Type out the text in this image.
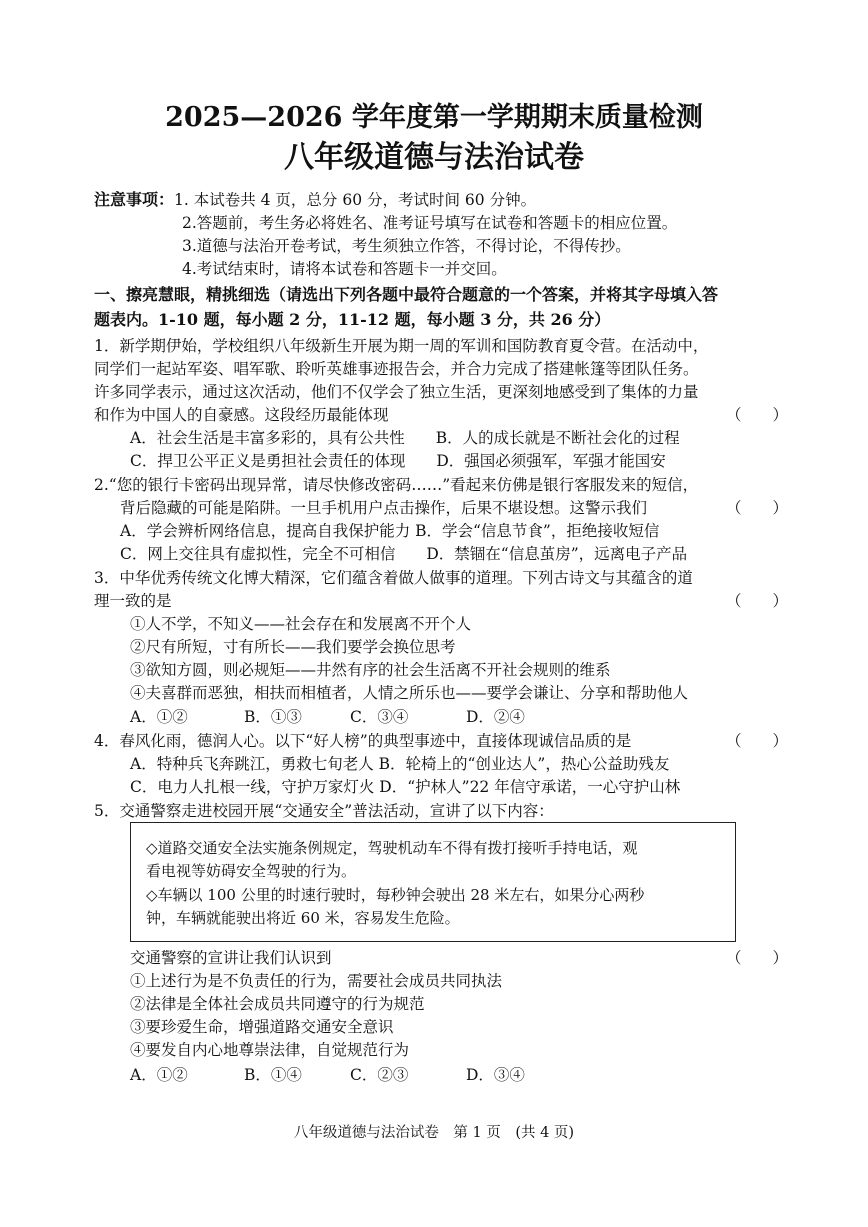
2025—2026 学年度第一学期期末质量检测
八年级道德与法治试卷
注意事项： 1. 本试卷共 4 页，总分 60 分，考试时间 60 分钟。
2.答题前，考生务必将姓名、准考证号填写在试卷和答题卡的相应位置。
3.道德与法治开卷考试，考生须独立作答，不得讨论，不得传抄。
4.考试结束时，请将本试卷和答题卡一并交回。
一、擦亮慧眼，精挑细选（请选出下列各题中最符合题意的一个答案，并将其字母填入答
题表内。1-10 题，每小题 2 分，11-12 题，每小题 3 分，共 26 分）
1．新学期伊始，学校组织八年级新生开展为期一周的军训和国防教育夏令营。在活动中，
同学们一起站军姿、唱军歌、聆听英雄事迹报告会，并合力完成了搭建帐篷等团队任务。
许多同学表示，通过这次活动，他们不仅学会了独立生活，更深刻地感受到了集体的力量
和作为中国人的自豪感。这段经历最能体现	（　　）
A．社会生活是丰富多彩的，具有公共性　　B．人的成长就是不断社会化的过程
C．捍卫公平正义是勇担社会责任的体现　　D．强国必须强军，军强才能国安
2.“您的银行卡密码出现异常，请尽快修改密码……”看起来仿佛是银行客服发来的短信，
背后隐藏的可能是陷阱。一旦手机用户点击操作，后果不堪设想。这警示我们	（　　）
A．学会辨析网络信息，提高自我保护能力 B．学会“信息节食”，拒绝接收短信
C．网上交往具有虚拟性，完全不可相信　　D．禁锢在“信息茧房”，远离电子产品
3．中华优秀传统文化博大精深，它们蕴含着做人做事的道理。下列古诗文与其蕴含的道
理一致的是	（　　）
①人不学，不知义——社会存在和发展离不开个人
②尺有所短，寸有所长——我们要学会换位思考
③欲知方圆，则必规矩——井然有序的社会生活离不开社会规则的维系
④夫喜群而恶独，相扶而相植者，人情之所乐也——要学会谦让、分享和帮助他人
A．①②	B．①③	C．③④	D．②④
4．春风化雨，德润人心。以下“好人榜”的典型事迹中，直接体现诚信品质的是	（　　）
A．特种兵飞奔跳江，勇救七旬老人 B．轮椅上的“创业达人”，热心公益助残友
C．电力人扎根一线，守护万家灯火 D．“护林人”22 年信守承诺，一心守护山林
5．交通警察走进校园开展“交通安全”普法活动，宣讲了以下内容：
◇道路交通安全法实施条例规定，驾驶机动车不得有拨打接听手持电话，观
看电视等妨碍安全驾驶的行为。
◇车辆以 100 公里的时速行驶时，每秒钟会驶出 28 米左右，如果分心两秒
钟，车辆就能驶出将近 60 米，容易发生危险。
交通警察的宣讲让我们认识到	（　　）
①上述行为是不负责任的行为，需要社会成员共同执法
②法律是全体社会成员共同遵守的行为规范
③要珍爱生命，增强道路交通安全意识
④要发自内心地尊崇法律，自觉规范行为
A．①②	B．①④	C．②③	D．③④
八年级道德与法治试卷　第 1 页　(共 4 页)
